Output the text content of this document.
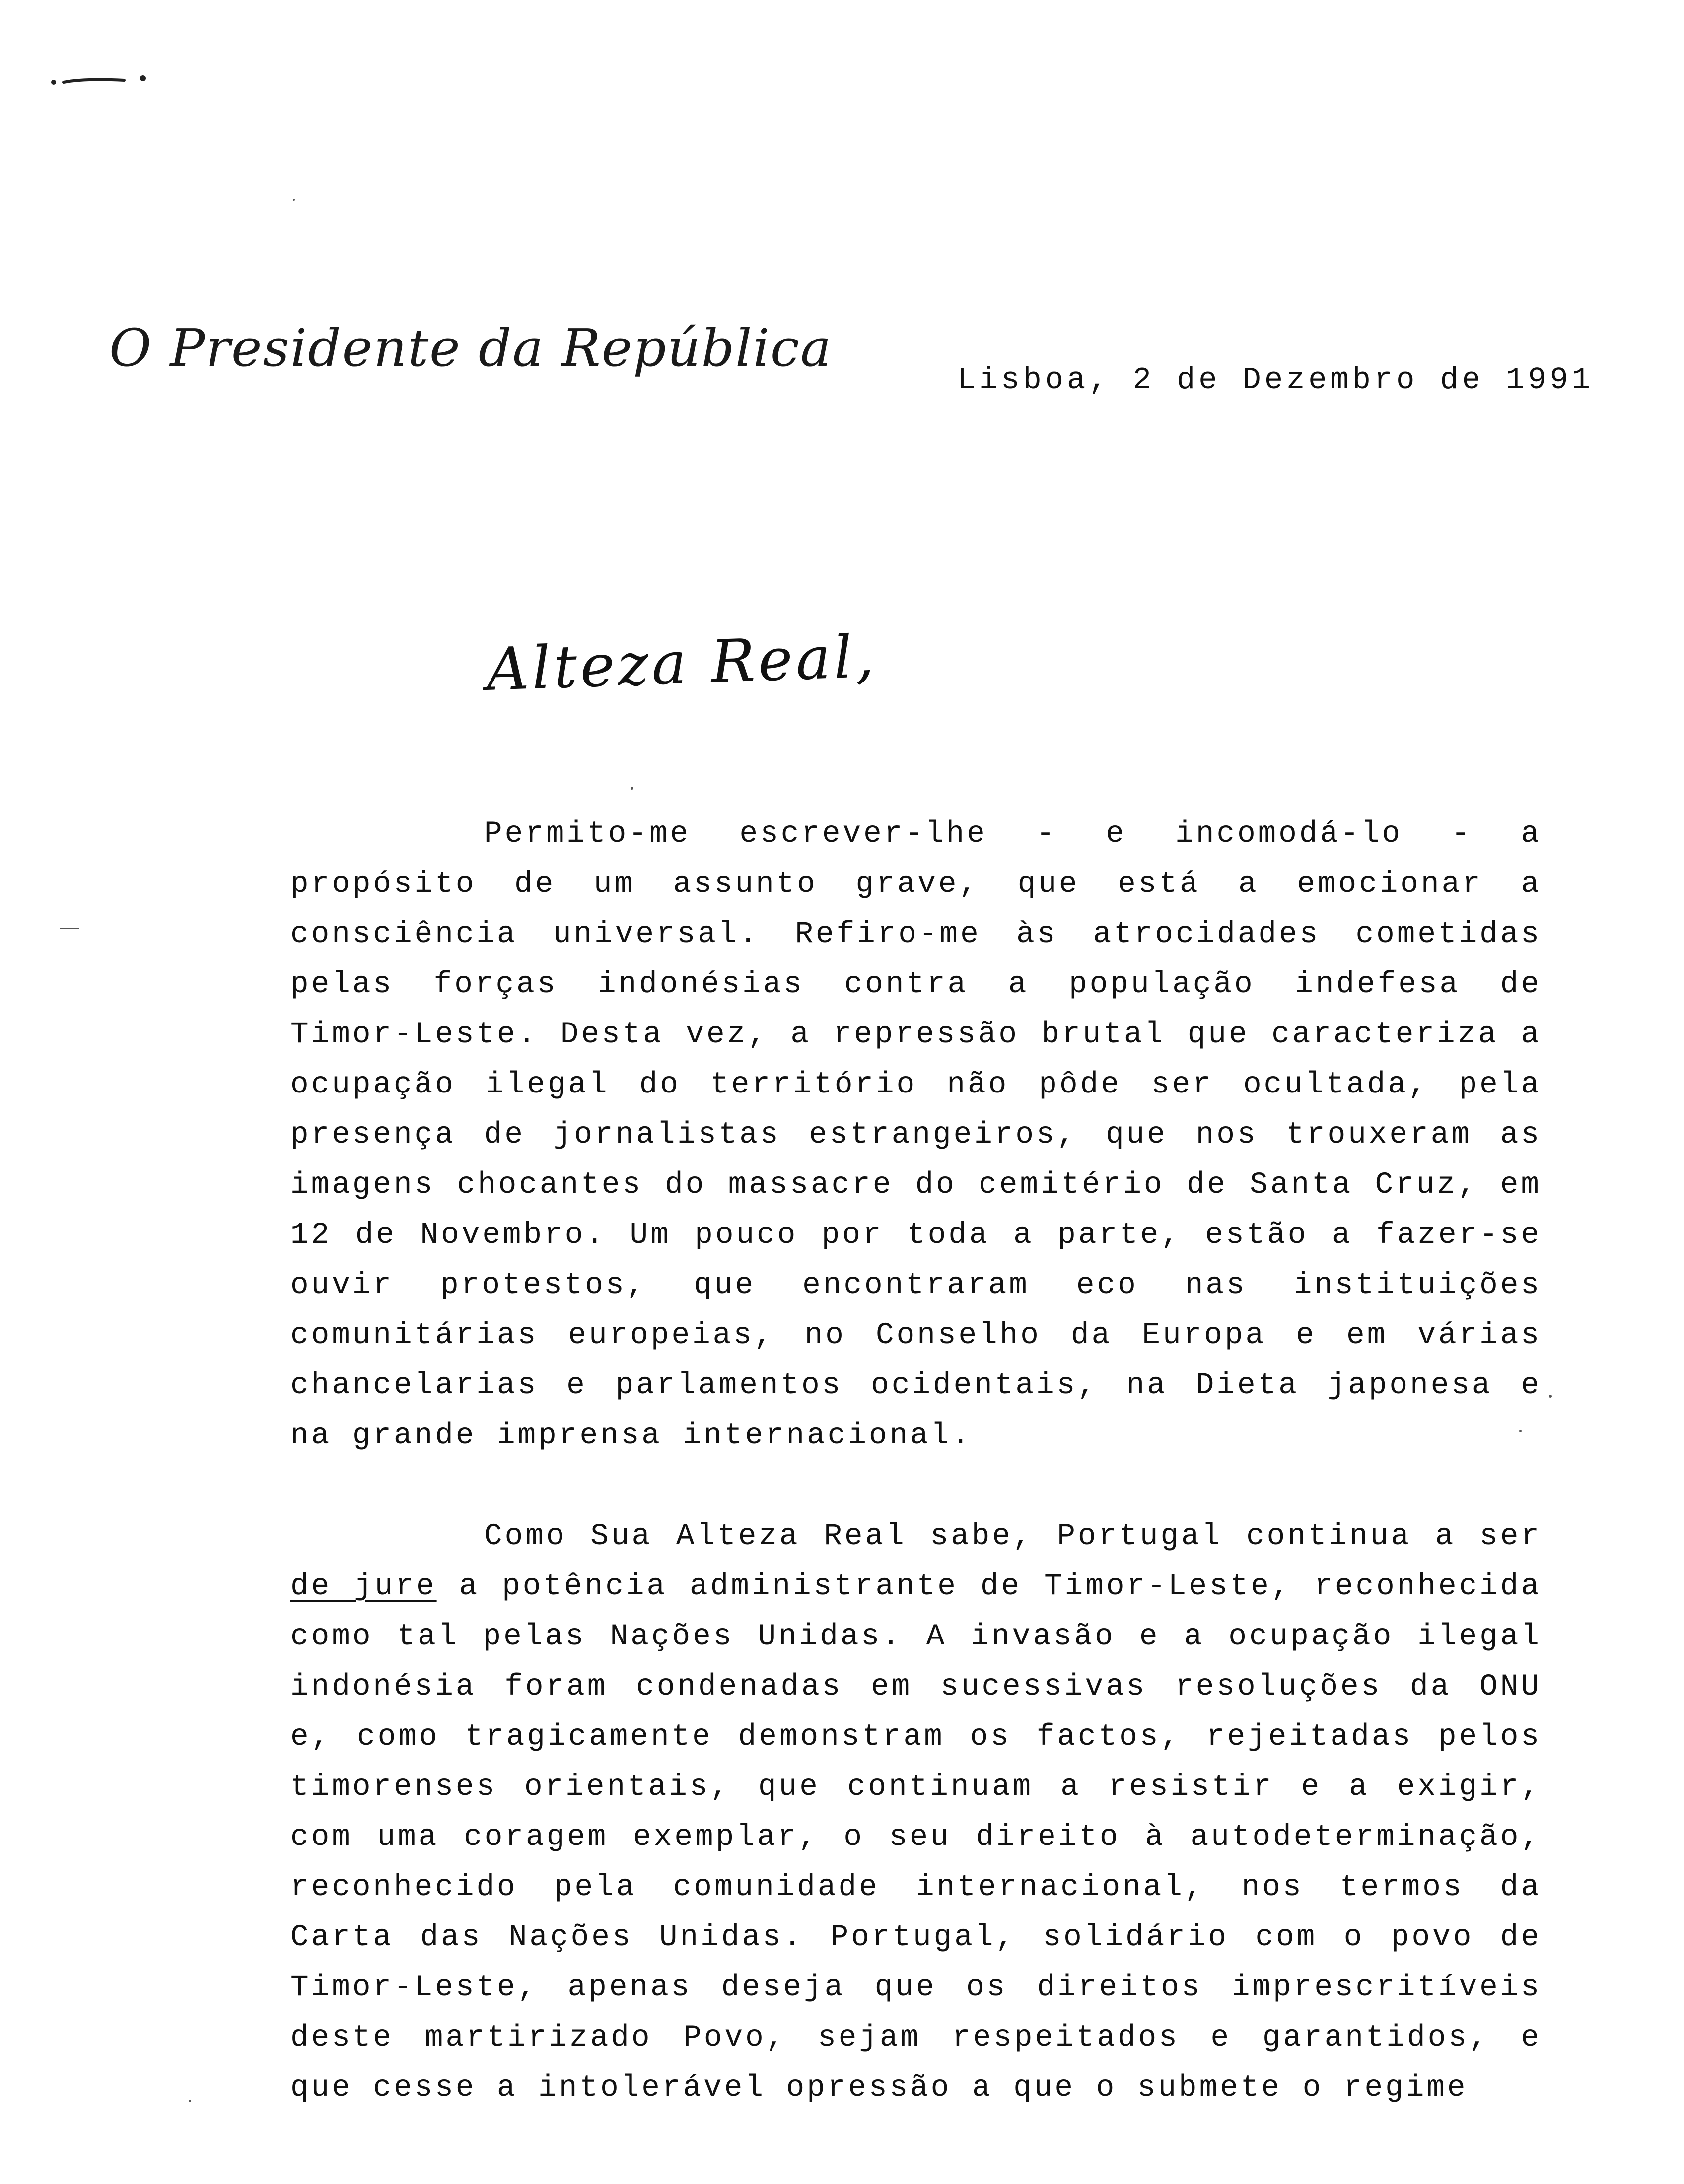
O Presidente da República
Lisboa, 2 de Dezembro de 1991
Alteza Real,
Permito-me escrever-lhe - e incomodá-lo - a propósito de um assunto grave, que está a emocionar a consciência universal. Refiro-me às atrocidades cometidas pelas forças indonésias contra a população indefesa de Timor-Leste. Desta vez, a repressão brutal que caracteriza a ocupação ilegal do território não pôde ser ocultada, pela presença de jornalistas estrangeiros, que nos trouxeram as imagens chocantes do massacre do cemitério de Santa Cruz, em 12 de Novembro. Um pouco por toda a parte, estão a fazer-se ouvir protestos, que encontraram eco nas instituições comunitárias europeias, no Conselho da Europa e em várias chancelarias e parlamentos ocidentais, na Dieta japonesa e na grande imprensa internacional.
Como Sua Alteza Real sabe, Portugal continua a ser de jure a potência administrante de Timor-Leste, reconhecida como tal pelas Nações Unidas. A invasão e a ocupação ilegal indonésia foram condenadas em sucessivas resoluções da ONU e, como tragicamente demonstram os factos, rejeitadas pelos timorenses orientais, que continuam a resistir e a exigir, com uma coragem exemplar, o seu direito à autodeterminação, reconhecido pela comunidade internacional, nos termos da Carta das Nações Unidas. Portugal, solidário com o povo de Timor-Leste, apenas deseja que os direitos imprescritíveis deste martirizado Povo, sejam respeitados e garantidos, e que cesse a intolerável opressão a que o submete o regime
